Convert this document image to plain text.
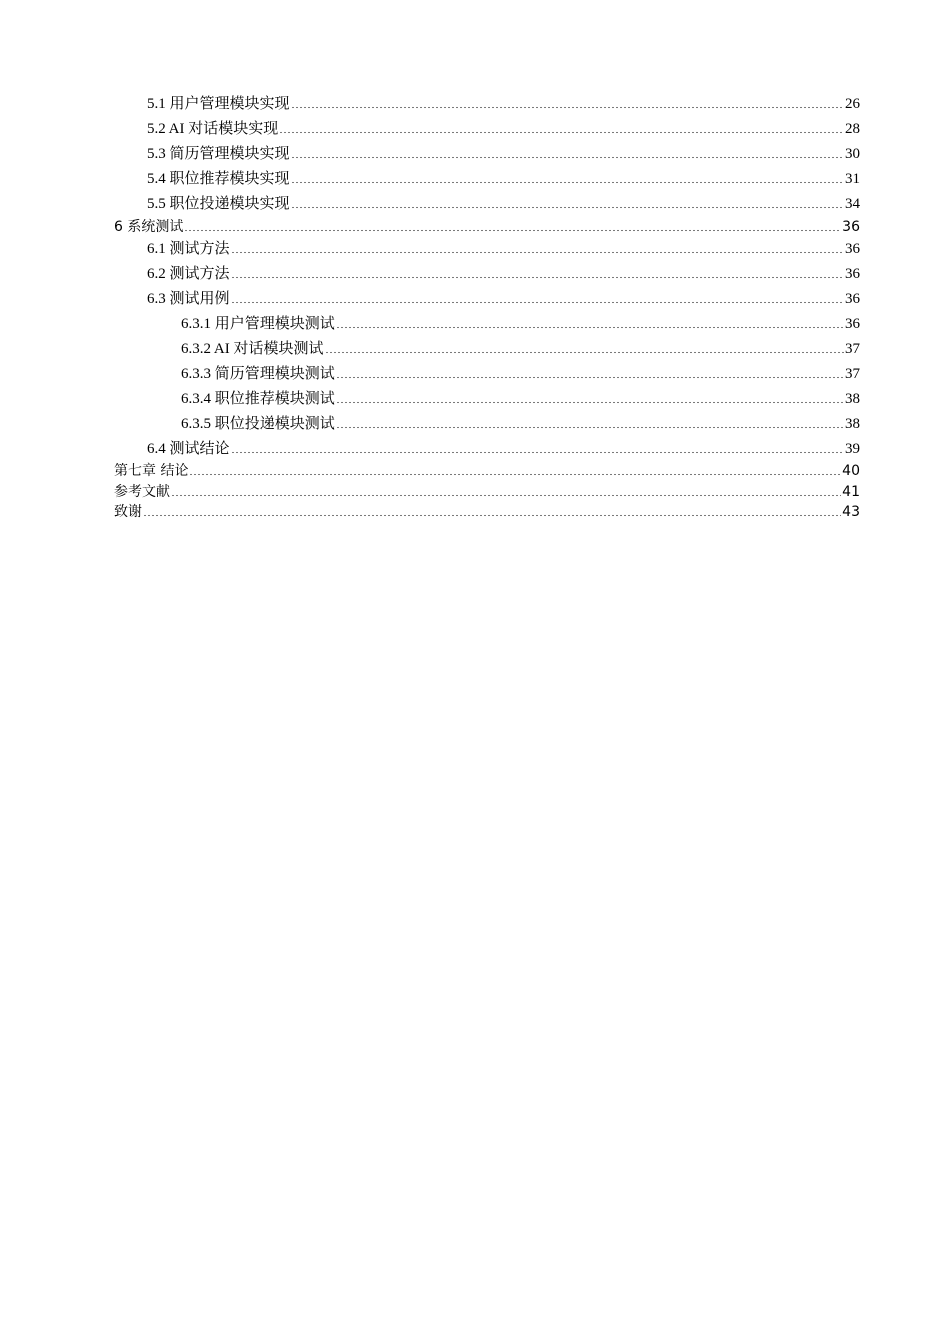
5.1 用户管理模块实现	26
5.2 AI 对话模块实现	28
5.3 简历管理模块实现	30
5.4 职位推荐模块实现	31
5.5 职位投递模块实现	34
6 系统测试	36
6.1 测试方法	36
6.2 测试方法	36
6.3 测试用例	36
6.3.1 用户管理模块测试	36
6.3.2 AI 对话模块测试	37
6.3.3 简历管理模块测试	37
6.3.4 职位推荐模块测试	38
6.3.5 职位投递模块测试	38
6.4 测试结论	39
第七章 结论	40
参考文献	41
致谢	43
